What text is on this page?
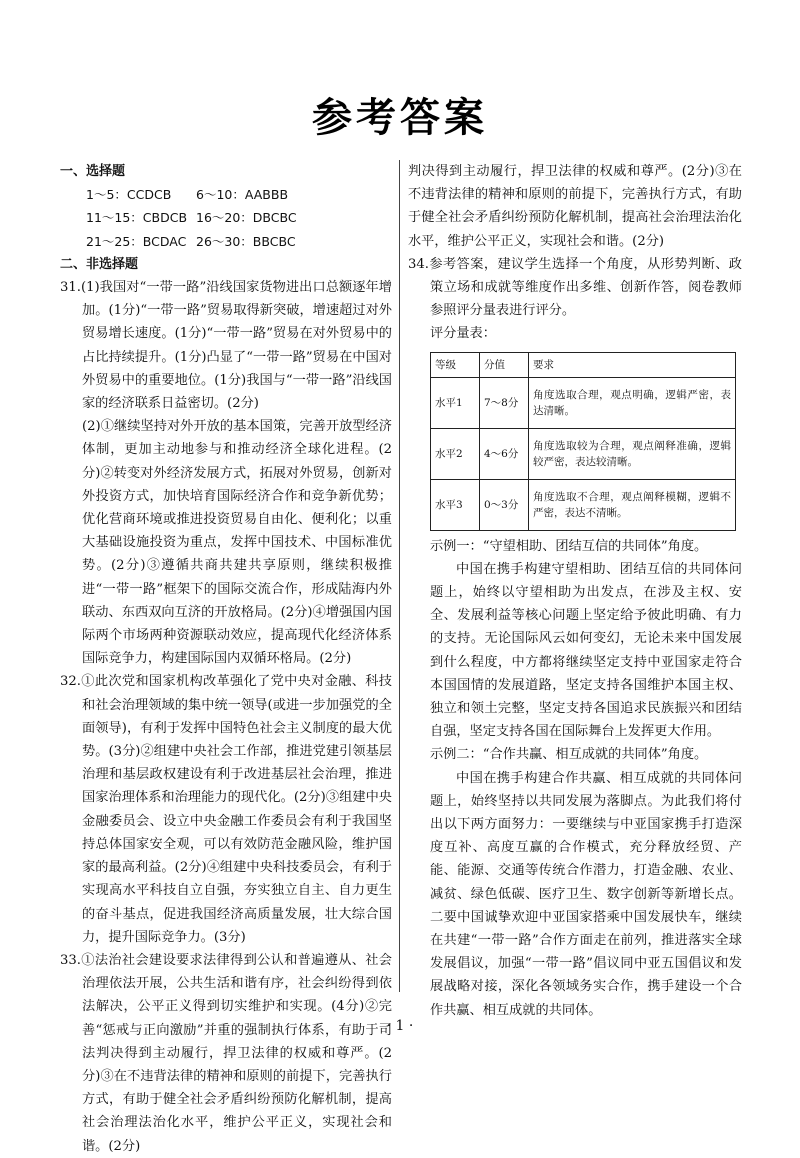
参考答案
一、选择题
1～5：CCDCB	6～10：AABBB
11～15：CBDCB 16～20：DBCBC
21～25：BCDAC 26～30：BBCBC
二、非选择题

31.(1)我国对“一带一路”沿线国家货物进出口总额逐年增加。(1分)“一带一路”贸易取得新突破，增速超过对外贸易增长速度。(1分)“一带一路”贸易在对外贸易中的占比持续提升。(1分)凸显了“一带一路”贸易在中国对外贸易中的重要地位。(1分)我国与“一带一路”沿线国家的经济联系日益密切。(2分)

(2)①继续坚持对外开放的基本国策，完善开放型经济体制，更加主动地参与和推动经济全球化进程。(2分)②转变对外经济发展方式，拓展对外贸易，创新对外投资方式，加快培育国际经济合作和竞争新优势；优化营商环境或推进投资贸易自由化、便利化；以重大基础设施投资为重点，发挥中国技术、中国标准优势。(2分)③遵循共商共建共享原则，继续积极推进“一带一路”框架下的国际交流合作，形成陆海内外联动、东西双向互济的开放格局。(2分)④增强国内国际两个市场两种资源联动效应，提高现代化经济体系国际竞争力，构建国际国内双循环格局。(2分)

32.①此次党和国家机构改革强化了党中央对金融、科技和社会治理领域的集中统一领导(或进一步加强党的全面领导)，有利于发挥中国特色社会主义制度的最大优势。(3分)②组建中央社会工作部，推进党建引领基层治理和基层政权建设有利于改进基层社会治理，推进国家治理体系和治理能力的现代化。(2分)③组建中央金融委员会、设立中央金融工作委员会有利于我国坚持总体国家安全观，可以有效防范金融风险，维护国家的最高利益。(2分)④组建中央科技委员会，有利于实现高水平科技自立自强，夯实独立自主、自力更生的奋斗基点，促进我国经济高质量发展，壮大综合国力，提升国际竞争力。(3分)

33.①法治社会建设要求法律得到公认和普遍遵从、社会治理依法开展，公共生活和谐有序，社会纠纷得到依法解决，公平正义得到切实维护和实现。(4分)②完善“惩戒与正向激励”并重的强制执行体系，有助于司法判决得到主动履行，捍卫法律的权威和尊严。(2分)③在不违背法律的精神和原则的前提下，完善执行方式，有助于健全社会矛盾纠纷预防化解机制，提高社会治理法治化水平，维护公平正义，实现社会和谐。(2分)

判决得到主动履行，捍卫法律的权威和尊严。(2分)③在不违背法律的精神和原则的前提下，完善执行方式，有助于健全社会矛盾纠纷预防化解机制，提高社会治理法治化水平，维护公平正义，实现社会和谐。(2分)

34.参考答案，建议学生选择一个角度，从形势判断、政策立场和成就等维度作出多维、创新作答，阅卷教师参照评分量表进行评分。

评分量表：

等级	分值	要求
水平1	7～8分	角度选取合理，观点明确，逻辑严密，表达清晰。
水平2	4～6分	角度选取较为合理，观点阐释准确，逻辑较严密，表达较清晰。
水平3	0～3分	角度选取不合理，观点阐释模糊，逻辑不严密，表达不清晰。

示例一：“守望相助、团结互信的共同体”角度。

中国在携手构建守望相助、团结互信的共同体问题上，始终以守望相助为出发点，在涉及主权、安全、发展利益等核心问题上坚定给予彼此明确、有力的支持。无论国际风云如何变幻，无论未来中国发展到什么程度，中方都将继续坚定支持中亚国家走符合本国国情的发展道路，坚定支持各国维护本国主权、独立和领土完整，坚定支持各国追求民族振兴和团结自强，坚定支持各国在国际舞台上发挥更大作用。

示例二：“合作共赢、相互成就的共同体”角度。

中国在携手构建合作共赢、相互成就的共同体问题上，始终坚持以共同发展为落脚点。为此我们将付出以下两方面努力：一要继续与中亚国家携手打造深度互补、高度互赢的合作模式，充分释放经贸、产能、能源、交通等传统合作潜力，打造金融、农业、减贫、绿色低碳、医疗卫生、数字创新等新增长点。二要中国诚挚欢迎中亚国家搭乘中国发展快车，继续在共建“一带一路”合作方面走在前列，推进落实全球发展倡议，加强“一带一路”倡议同中亚五国倡议和发展战略对接，深化各领域务实合作，携手建设一个合作共赢、相互成就的共同体。

· 1 ·
